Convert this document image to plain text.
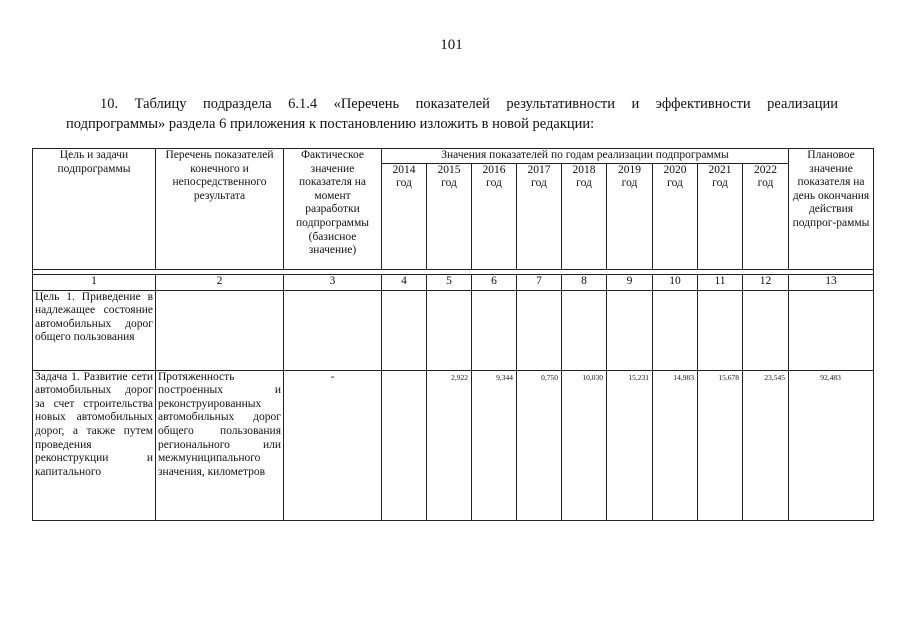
101
10. Таблицу подраздела 6.1.4 «Перечень показателей результативности и эффективности реализации
подпрограммы» раздела 6 приложения к постановлению изложить в новой редакции:
Цель и задачи подпрограммы	Перечень показателей конечного и непосредственного результата	Фактическое значение показателя на момент разработки подпрограммы (базисное значение)	Значения показателей по годам реализации подпрограммы									Плановое значение показателя на день окончания действия подпрог-раммы
			2014 год	2015 год	2016 год	2017 год	2018 год	2019 год	2020 год	2021 год	2022 год	

1	2	3	4	5	6	7	8	9	10	11	12	13
Цель 1. Приведение в надлежащее состояние автомобильных дорог общего пользования												
Задача 1. Развитие сети автомобильных дорог за счет строительства новых автомобильных дорог, а также путем проведения реконструкции и капитального	Протяженность построенных и реконструированных автомобильных дорог общего пользования регионального или межмуниципального значения, километров	-		2,922	9,344	0,750	10,030	15,231	14,983	15,678	23,545	92,483
